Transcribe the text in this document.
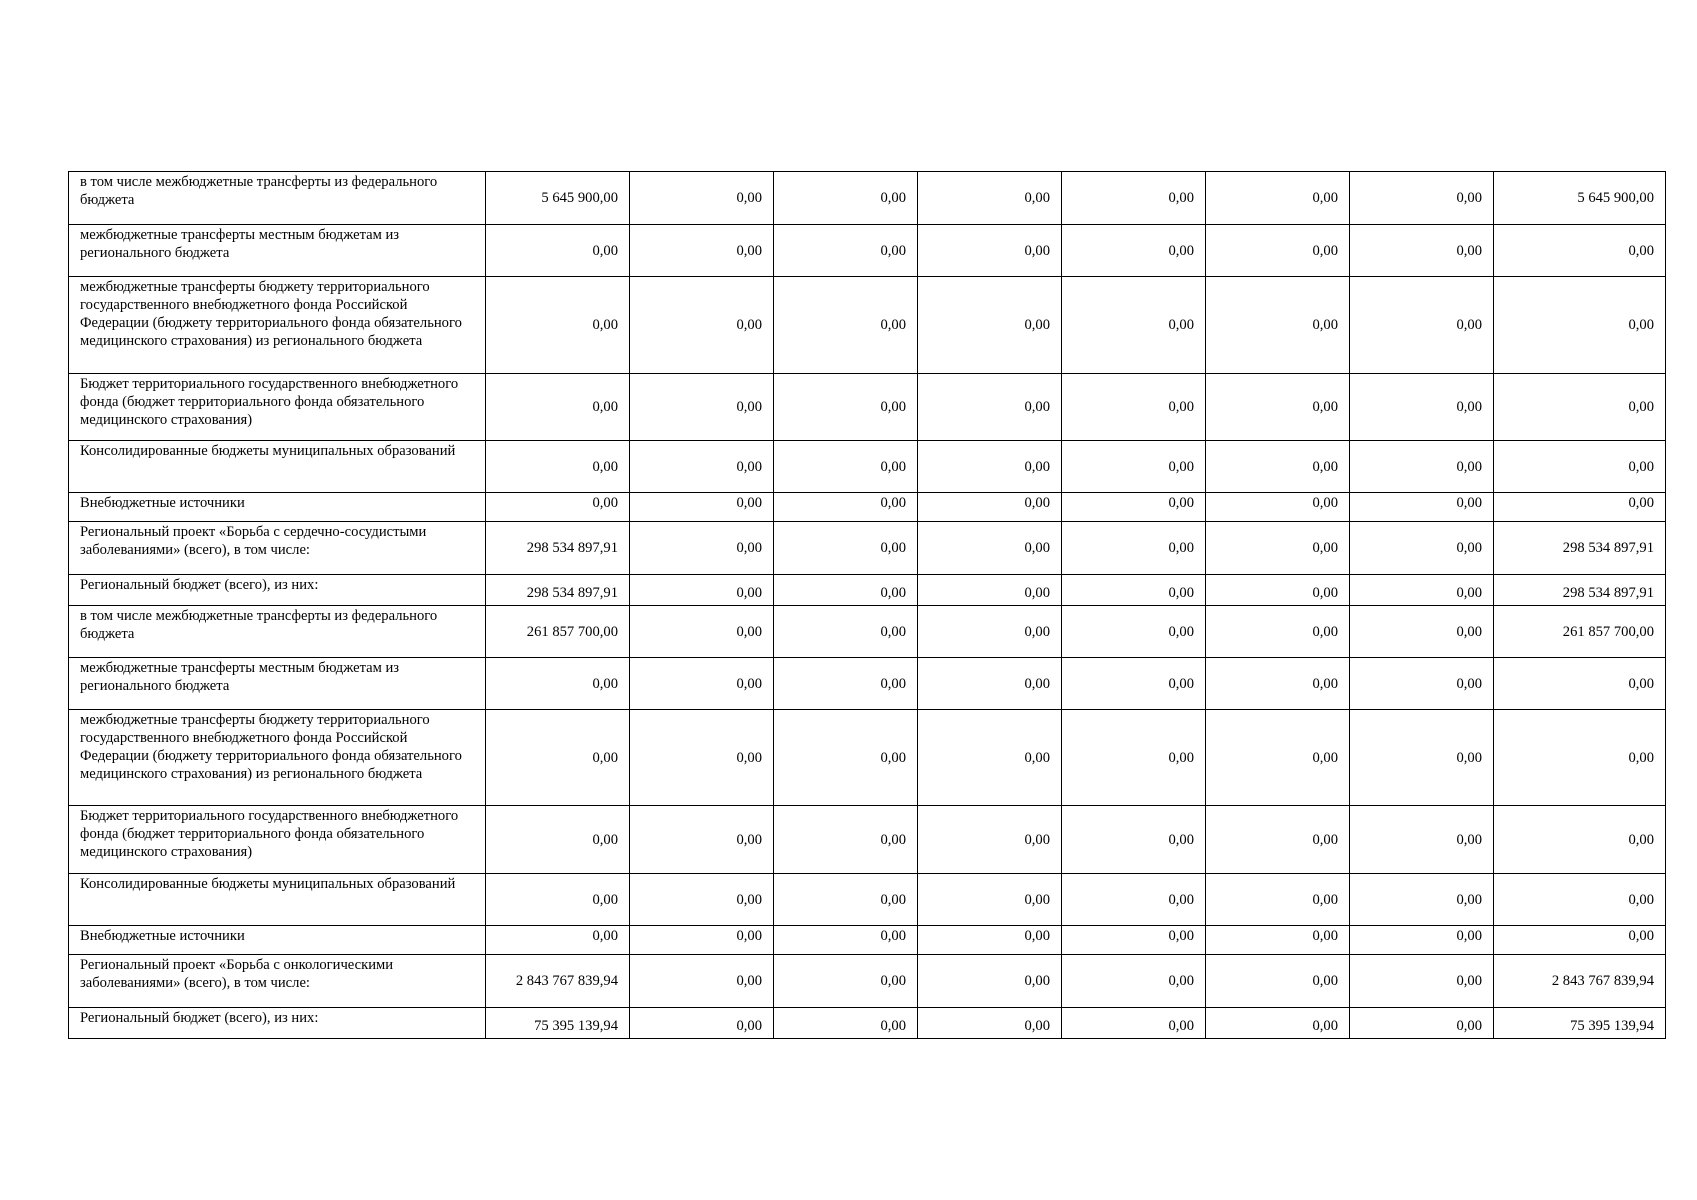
в том числе межбюджетные трансферты из федерального бюджета	5 645 900,00	0,00	0,00	0,00	0,00	0,00	0,00	5 645 900,00
межбюджетные трансферты местным бюджетам из регионального бюджета	0,00	0,00	0,00	0,00	0,00	0,00	0,00	0,00
межбюджетные трансферты бюджету территориального государственного внебюджетного фонда Российской Федерации (бюджету территориального фонда обязательного медицинского страхования) из регионального бюджета	0,00	0,00	0,00	0,00	0,00	0,00	0,00	0,00
Бюджет территориального государственного внебюджетного фонда (бюджет территориального фонда обязательного медицинского страхования)	0,00	0,00	0,00	0,00	0,00	0,00	0,00	0,00
Консолидированные бюджеты муниципальных образований	0,00	0,00	0,00	0,00	0,00	0,00	0,00	0,00
Внебюджетные источники	0,00	0,00	0,00	0,00	0,00	0,00	0,00	0,00
Региональный проект «Борьба с сердечно-сосудистыми заболеваниями» (всего), в том числе:	298 534 897,91	0,00	0,00	0,00	0,00	0,00	0,00	298 534 897,91
Региональный бюджет (всего), из них:	298 534 897,91	0,00	0,00	0,00	0,00	0,00	0,00	298 534 897,91
в том числе межбюджетные трансферты из федерального бюджета	261 857 700,00	0,00	0,00	0,00	0,00	0,00	0,00	261 857 700,00
межбюджетные трансферты местным бюджетам из регионального бюджета	0,00	0,00	0,00	0,00	0,00	0,00	0,00	0,00
межбюджетные трансферты бюджету территориального государственного внебюджетного фонда Российской Федерации (бюджету территориального фонда обязательного медицинского страхования) из регионального бюджета	0,00	0,00	0,00	0,00	0,00	0,00	0,00	0,00
Бюджет территориального государственного внебюджетного фонда (бюджет территориального фонда обязательного медицинского страхования)	0,00	0,00	0,00	0,00	0,00	0,00	0,00	0,00
Консолидированные бюджеты муниципальных образований	0,00	0,00	0,00	0,00	0,00	0,00	0,00	0,00
Внебюджетные источники	0,00	0,00	0,00	0,00	0,00	0,00	0,00	0,00
Региональный проект «Борьба с онкологическими заболеваниями» (всего), в том числе:	2 843 767 839,94	0,00	0,00	0,00	0,00	0,00	0,00	2 843 767 839,94
Региональный бюджет (всего), из них:	75 395 139,94	0,00	0,00	0,00	0,00	0,00	0,00	75 395 139,94
